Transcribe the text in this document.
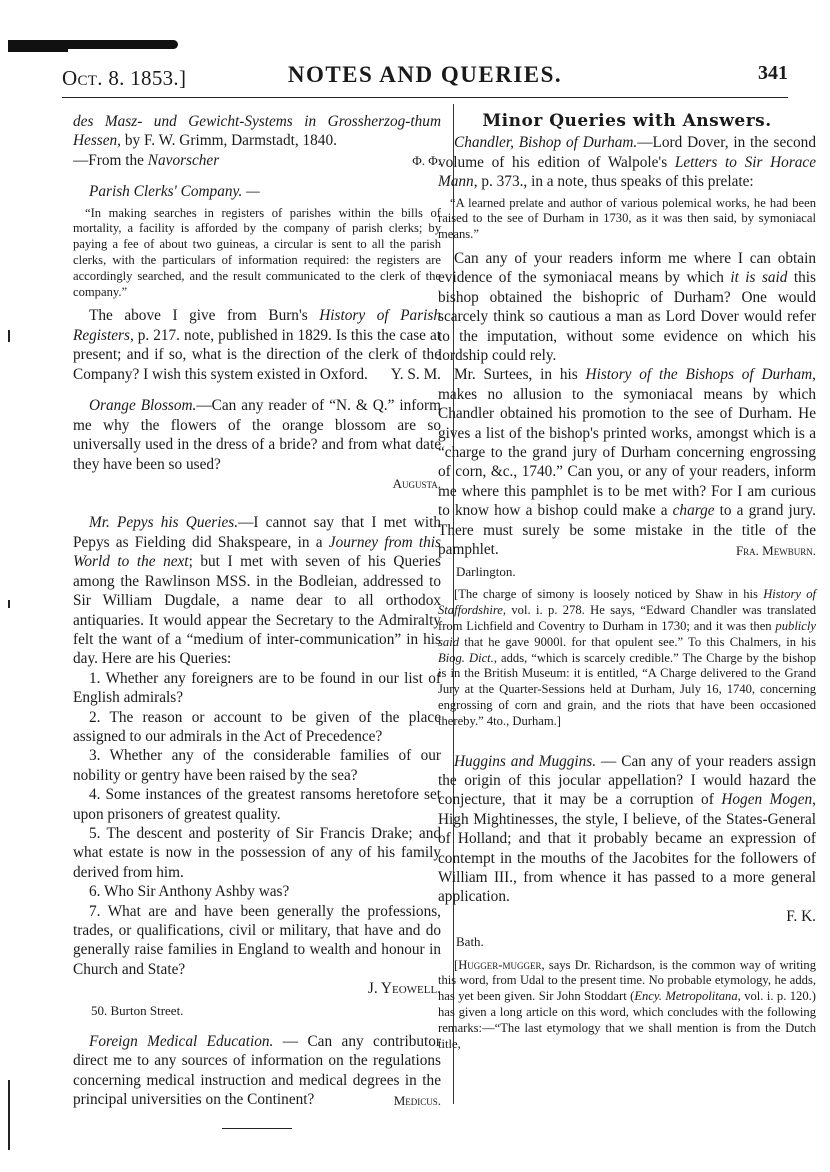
Oct. 8. 1853.]	NOTES AND QUERIES.	341

des Masz- und Gewicht-Systems in Grossherzog-thum Hessen, by F. W. Grimm, Darmstadt, 1840.
—From the Navorscher	Φ. Φ.

Parish Clerks' Company. —

“In making searches in registers of parishes within the bills of mortality, a facility is afforded by the company of parish clerks; by paying a fee of about two guineas, a circular is sent to all the parish clerks, with the particulars of information required: the registers are accordingly searched, and the result communicated to the clerk of the company.”

The above I give from Burn's History of Parish Registers, p. 217. note, published in 1829. Is this the case at present; and if so, what is the direction of the clerk of the Company? I wish this system existed in Oxford.	Y. S. M.

Orange Blossom.—Can any reader of “N. & Q.” inform me why the flowers of the orange blossom are so universally used in the dress of a bride? and from what date they have been so used?

Augusta.

Mr. Pepys his Queries.—I cannot say that I met with Pepys as Fielding did Shakspeare, in a Journey from this World to the next; but I met with seven of his Queries among the Rawlinson MSS. in the Bodleian, addressed to Sir William Dugdale, a name dear to all orthodox antiquaries. It would appear the Secretary to the Admiralty felt the want of a “medium of inter-communication” in his day. Here are his Queries:

1. Whether any foreigners are to be found in our list of English admirals?

2. The reason or account to be given of the place assigned to our admirals in the Act of Precedence?

3. Whether any of the considerable families of our nobility or gentry have been raised by the sea?

4. Some instances of the greatest ransoms heretofore set upon prisoners of greatest quality.

5. The descent and posterity of Sir Francis Drake; and what estate is now in the possession of any of his family derived from him.

6. Who Sir Anthony Ashby was?

7. What are and have been generally the professions, trades, or qualifications, civil or military, that have and do generally raise families in England to wealth and honour in Church and State?

J. Yeowell.

50. Burton Street.

Foreign Medical Education. — Can any contributor direct me to any sources of information on the regulations concerning medical instruction and medical degrees in the principal universities on the Continent?	Medicus.

Minor Queries with Answers.

Chandler, Bishop of Durham.—Lord Dover, in the second volume of his edition of Walpole's Letters to Sir Horace Mann, p. 373., in a note, thus speaks of this prelate:

“A learned prelate and author of various polemical works, he had been raised to the see of Durham in 1730, as it was then said, by symoniacal means.”

Can any of your readers inform me where I can obtain evidence of the symoniacal means by which it is said this bishop obtained the bishopric of Durham? One would scarcely think so cautious a man as Lord Dover would refer to the imputation, without some evidence on which his lordship could rely.

Mr. Surtees, in his History of the Bishops of Durham, makes no allusion to the symoniacal means by which Chandler obtained his promotion to the see of Durham. He gives a list of the bishop's printed works, amongst which is a “charge to the grand jury of Durham concerning engrossing of corn, &c., 1740.” Can you, or any of your readers, inform me where this pamphlet is to be met with? For I am curious to know how a bishop could make a charge to a grand jury. There must surely be some mistake in the title of the pamphlet.	Fra. Mewburn.

Darlington.

[The charge of simony is loosely noticed by Shaw in his History of Staffordshire, vol. i. p. 278. He says, “Edward Chandler was translated from Lichfield and Coventry to Durham in 1730; and it was then publicly said that he gave 9000l. for that opulent see.” To this Chalmers, in his Biog. Dict., adds, “which is scarcely credible.” The Charge by the bishop is in the British Museum: it is entitled, “A Charge delivered to the Grand Jury at the Quarter-Sessions held at Durham, July 16, 1740, concerning engrossing of corn and grain, and the riots that have been occasioned thereby.” 4to., Durham.]

Huggins and Muggins. — Can any of your readers assign the origin of this jocular appellation? I would hazard the conjecture, that it may be a corruption of Hogen Mogen, High Mightinesses, the style, I believe, of the States-General of Holland; and that it probably became an expression of contempt in the mouths of the Jacobites for the followers of William III., from whence it has passed to a more general application.

F. K.

Bath.

[Hugger-mugger, says Dr. Richardson, is the common way of writing this word, from Udal to the present time. No probable etymology, he adds, has yet been given. Sir John Stoddart (Ency. Metropolitana, vol. i. p. 120.) has given a long article on this word, which concludes with the following remarks:—“The last etymology that we shall mention is from the Dutch title,
